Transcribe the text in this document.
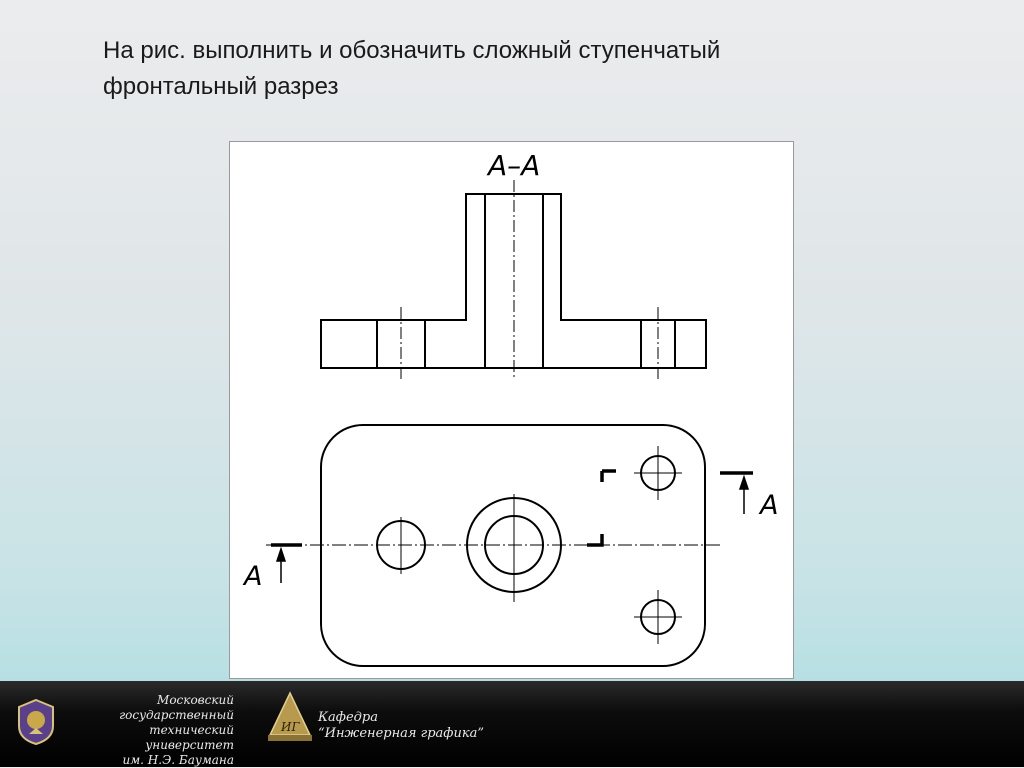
На рис. выполнить и обозначить сложный ступенчатый
фронтальный разрез
А–А
А
А
Московский государственный
технический университет
им. Н.Э. Баумана
ИГ
Кафедра
“Инженерная графика”
